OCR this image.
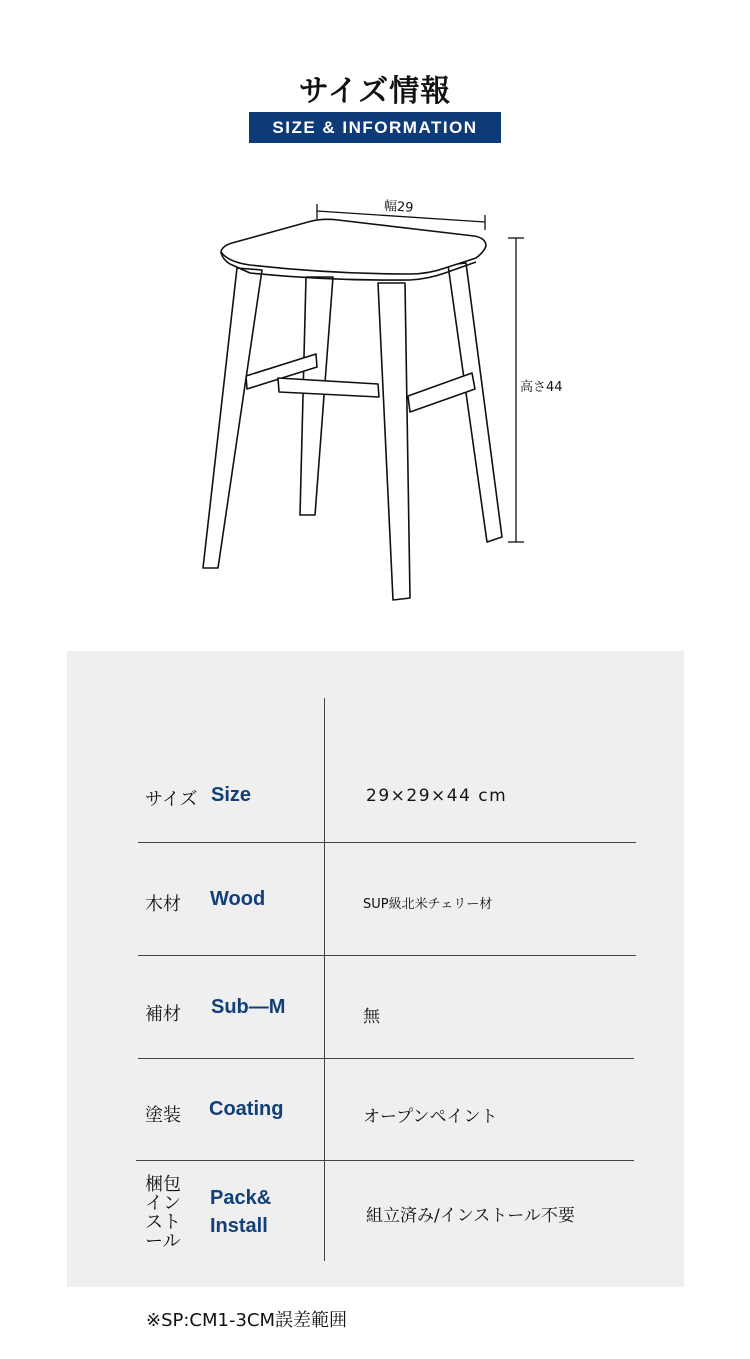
サイズ情報
SIZE & INFORMATION
幅29
高さ44
サイズ Size	29×29×44 cm
木材 Wood	SUP級北米チェリー材
補材 Sub—M	無
塗装 Coating	オープンペイント
梱包
イン
スト
ール
Pack&
Install	組立済み/インストール不要
※SP:CM1-3CM誤差範囲
